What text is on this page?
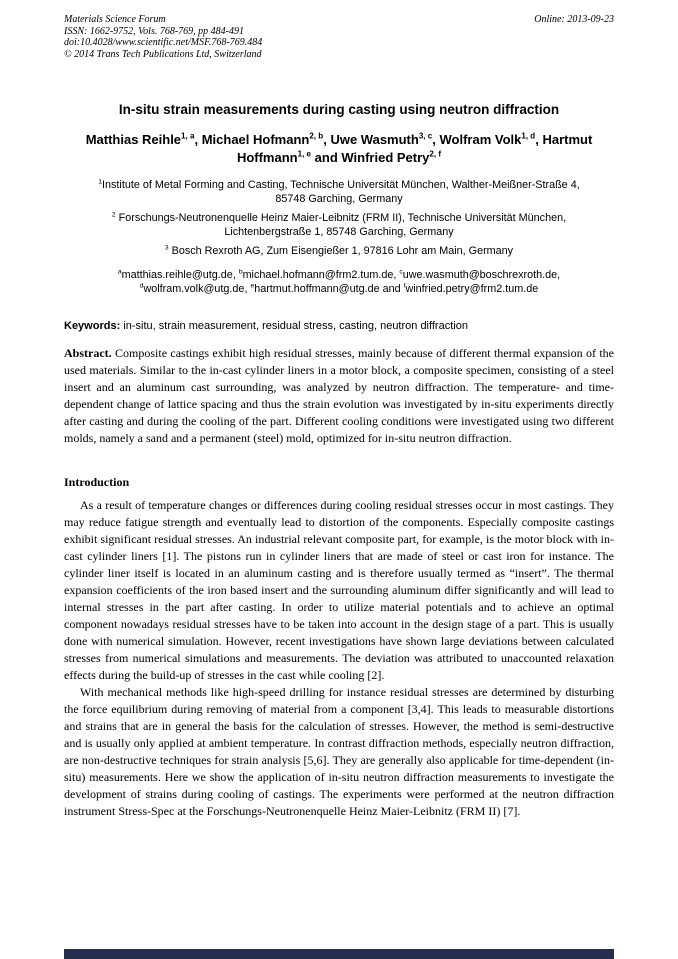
Materials Science Forum
ISSN: 1662-9752, Vols. 768-769, pp 484-491
doi:10.4028/www.scientific.net/MSF.768-769.484
© 2014 Trans Tech Publications Ltd, Switzerland
Online: 2013-09-23
In-situ strain measurements during casting using neutron diffraction

Matthias Reihle$^{1, a}$, Michael Hofmann$^{2, b}$, Uwe Wasmuth$^{3, c}$, Wolfram Volk$^{1, d}$, Hartmut Hoffmann$^{1, e}$ and Winfried Petry$^{2, f}$

$^1$Institute of Metal Forming and Casting, Technische Universität München, Walther-Meißner-Straße 4, 85748 Garching, Germany
$^2$ Forschungs-Neutronenquelle Heinz Maier-Leibnitz (FRM II), Technische Universität München, Lichtenbergstraße 1, 85748 Garching, Germany
$^3$ Bosch Rexroth AG, Zum Eisengießer 1, 97816 Lohr am Main, Germany

$^a$matthias.reihle@utg.de, $^b$michael.hofmann@frm2.tum.de, $^c$uwe.wasmuth@boschrexroth.de, $^d$wolfram.volk@utg.de, $^e$hartmut.hoffmann@utg.de and $^f$winfried.petry@frm2.tum.de

Keywords: in-situ, strain measurement, residual stress, casting, neutron diffraction

Abstract. Composite castings exhibit high residual stresses, mainly because of different thermal expansion of the used materials. Similar to the in-cast cylinder liners in a motor block, a composite specimen, consisting of a steel insert and an aluminum cast surrounding, was analyzed by neutron diffraction. The temperature- and time-dependent change of lattice spacing and thus the strain evolution was investigated by in-situ experiments directly after casting and during the cooling of the part. Different cooling conditions were investigated using two different molds, namely a sand and a permanent (steel) mold, optimized for in-situ neutron diffraction.

Introduction

As a result of temperature changes or differences during cooling residual stresses occur in most castings. They may reduce fatigue strength and eventually lead to distortion of the components. Especially composite castings exhibit significant residual stresses. An industrial relevant composite part, for example, is the motor block with in-cast cylinder liners [1]. The pistons run in cylinder liners that are made of steel or cast iron for instance. The cylinder liner itself is located in an aluminum casting and is therefore usually termed as “insert”. The thermal expansion coefficients of the iron based insert and the surrounding aluminum differ significantly and will lead to internal stresses in the part after casting. In order to utilize material potentials and to achieve an optimal component nowadays residual stresses have to be taken into account in the design stage of a part. This is usually done with numerical simulation. However, recent investigations have shown large deviations between calculated stresses from numerical simulations and measurements. The deviation was attributed to unaccounted relaxation effects during the build-up of stresses in the cast while cooling [2].

With mechanical methods like high-speed drilling for instance residual stresses are determined by disturbing the force equilibrium during removing of material from a component [3,4]. This leads to measurable distortions and strains that are in general the basis for the calculation of stresses. However, the method is semi-destructive and is usually only applied at ambient temperature. In contrast diffraction methods, especially neutron diffraction, are non-destructive techniques for strain analysis [5,6]. They are generally also applicable for time-dependent (in-situ) measurements. Here we show the application of in-situ neutron diffraction measurements to investigate the development of strains during cooling of castings. The experiments were performed at the neutron diffraction instrument Stress-Spec at the Forschungs-Neutronenquelle Heinz Maier-Leibnitz (FRM II) [7].
